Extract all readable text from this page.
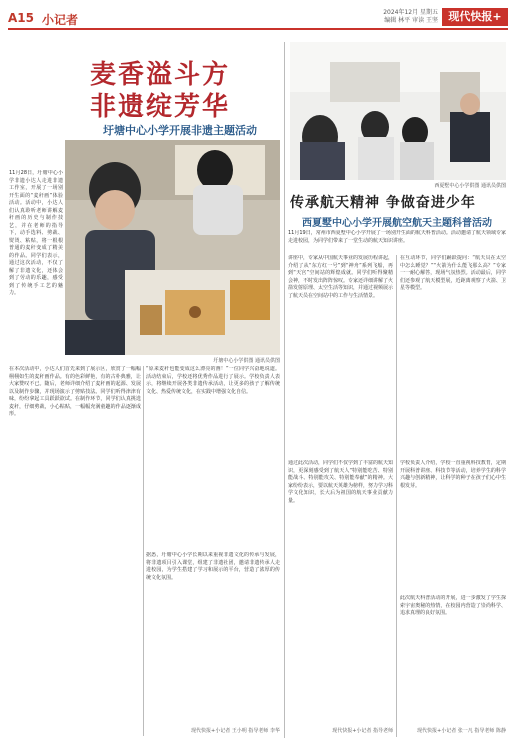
A15 小记者
2024年12月 星期五
编辑 林平 审读 王坚 现代快报+
麦香溢斗方
非遗绽芳华
圩塘中心小学开展非遗主题活动
11月28日，圩塘中心小学非遗小达人走进非遗工作室，开展了一场别开生面的“麦秆画”体验活动。活动中，小达人们认真聆听老师讲解麦秆画的历史与制作技艺，并在老师的指导下，动手选料、剪裁、熨烫、粘贴，将一根根普通的麦秆变成了精美的作品。同学们表示，通过这次活动，不仅了解了非遗文化，还体会到了劳动的乐趣，感受到了传统手工艺的魅力。
圩塘中心小学供图 通讯员供图
在本次活动中，小达人们首先来到了展示区，欣赏了一幅幅栩栩如生的麦秆画作品。有的色彩鲜艳，有的古朴典雅，让大家赞叹不已。随后，老师详细介绍了麦秆画的起源、发展以及制作步骤，并现场演示了剪贴技法。同学们听得津津有味，纷纷拿起工具跃跃欲试。在制作环节，同学们认真挑选麦秆，仔细剪裁，小心粘贴，一幅幅充满童趣的作品逐渐成形。
“原来麦秆也能变成这么漂亮的画！”一位同学兴奋地说道。活动结束后，学校还将优秀作品进行了展示。学校负责人表示，将继续开展各类非遗传承活动，让更多的孩子了解传统文化、热爱传统文化，在实践中增强文化自信。
据悉，圩塘中心小学长期以来重视非遗文化的传承与发展，将非遗项目引入课堂，组建了非遗社团，邀请非遗传承人走进校园，为学生搭建了学习和展示的平台，营造了浓厚的传统文化氛围。
现代快报+小记者 王小明 指导老师 李华
西夏墅中心小学供图 通讯员供图
传承航天精神 争做奋进少年
西夏墅中心小学开展航空航天主题科普活动
11月19日，常州市西夏墅中心小学开展了一场别开生面的航天科普活动。活动邀请了航天领域专家走进校园，为同学们带来了一堂生动的航天知识讲座。
讲座中，专家从中国航天事业的发展历程讲起，介绍了从“东方红一号”到“神舟”系列飞船，再到“天宫”空间站的辉煌成就。同学们听得聚精会神，不时发出阵阵惊叹。专家还详细讲解了火箭发射原理、太空生活等知识，并通过视频展示了航天员在空间站中的工作与生活情景。
在互动环节，同学们踊跃提问：“航天员在太空中怎么睡觉？”“火箭为什么能飞那么高？”专家一一耐心解答，现场气氛热烈。活动最后，同学们还参观了航天模型展，近距离观察了火箭、卫星等模型。
通过此次活动，同学们不仅学到了丰富的航天知识，更深刻感受到了航天人“特别能吃苦、特别能战斗、特别能攻关、特别能奉献”的精神。大家纷纷表示，要以航天英雄为榜样，努力学习科学文化知识，长大后为祖国的航天事业贡献力量。
学校负责人介绍，学校一直重视科技教育，定期开展科普讲座、科技节等活动，培养学生的科学兴趣与创新精神，让科学的种子在孩子们心中生根发芽。
此次航天科普活动的开展，进一步激发了学生探索宇宙奥秘的热情，在校园内营造了崇尚科学、追求真理的良好氛围。
现代快报+小记者 指导老师	现代快报+小记者 张一凡 指导老师 陈静
